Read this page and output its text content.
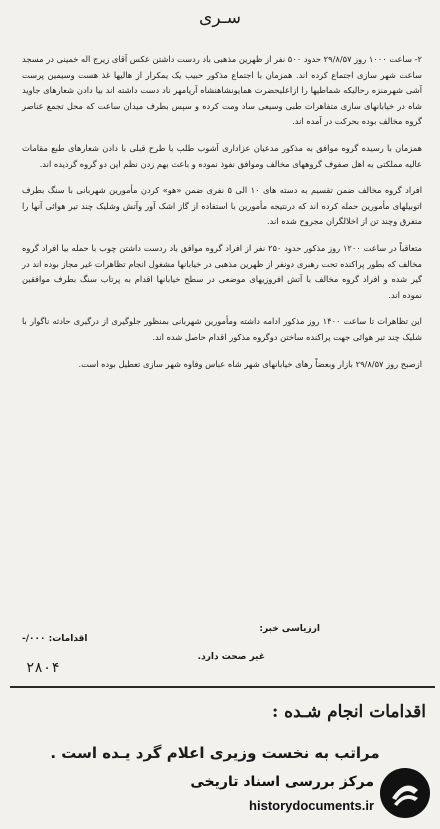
سـری

۲- ساعت ۱۰۰۰ روز ۲۹/۸/۵۷ حدود ۵۰۰ نفر از ظهرین مذهبی باد ردست داشتن عکس آقای زیرج اله خمینی در مسجد ساعت شهر سازی اجتماع کرده اند. همزمان با اجتماع مذکور حبیب یک یمکرار از هالیها غذ هست وسیمین پرست آشی شهرمنزه رحالیکه شماطیها را ازاعلیحضرت همایونشاهنشاه آریامهر ناد دست داشته اند بیا دادن شعارهای جاوید شاه در خیابانهای سازی متفاهرات طبی وسیعی ساد ومت کرده و سپس بطرف میدان ساعت که محل تجمع عناصر گروه مخالف بوده بحرکت در آمده اند.

همزمان با رسیده گروه موافق به مذکور مدعیان عزاداری آشوب طلب با طرح قبلی با دادن شعارهای طبع مقامات عالیه مملکتی به اهل صفوف گروههای مخالف وموافق نفوذ نموده و باعث بهم زدن نظم این دو گروه گردیده اند.

افراد گروه مخالف ضمن تقسیم به دسته های ۱۰ الی ۵ نفری ضمن «هو» کردن مأمورین شهربانی با سنگ بطرف اتوبیلهای مأمورین حمله کرده اند که درنتیجه مأمورین با استفاده از گاز اشک آور وآتش وشلیک چند تیر هوائی آنها را متفرق وچند تن از اخلالگران مجروح شده اند.

متعاقباً در ساعت ۱۲۰۰ روز مذکور حدود ۲۵۰ نفر از افراد گروه موافق باد ردست داشتن چوب با حمله بیا افراد گروه مخالف که بطور پراکنده تحت رهبری دونفر از ظهرین مذهبی در خیابانها مشغول انجام تظاهرات غیر مجاز بوده اند در گیر شده و افراد گروه مخالف با آتش افروزیهای موضعی در سطح خیابانها اقدام به پرتاب سنگ بطرف موافقین نموده اند.

این تظاهرات تا ساعت ۱۴۰۰ روز مذکور ادامه داشته ومأمورین شهربانی بمنظور جلوگیری از درگیری حادثه ناگوار با شلیک چند تیر هوائی جهت پراکنده ساختن دوگروه مذکور اقدام حاصل شده اند.

ازصبح روز ۲۹/۸/۵۷ بازار وبعضاً رهای خیابانهای شهر شاه عباس وفاوه شهر سازی تعطیل بوده است.

ارزیاسی خبر:
غیر صحت دارد.
اقدامات: ۰۰۰/-
۲۸۰۴
اقدامات انجام شـده :
مراتب به نخست وزیری اعلام گرد یـده است .
مرکز بررسی اسناد تاریخی
historydocuments.ir
